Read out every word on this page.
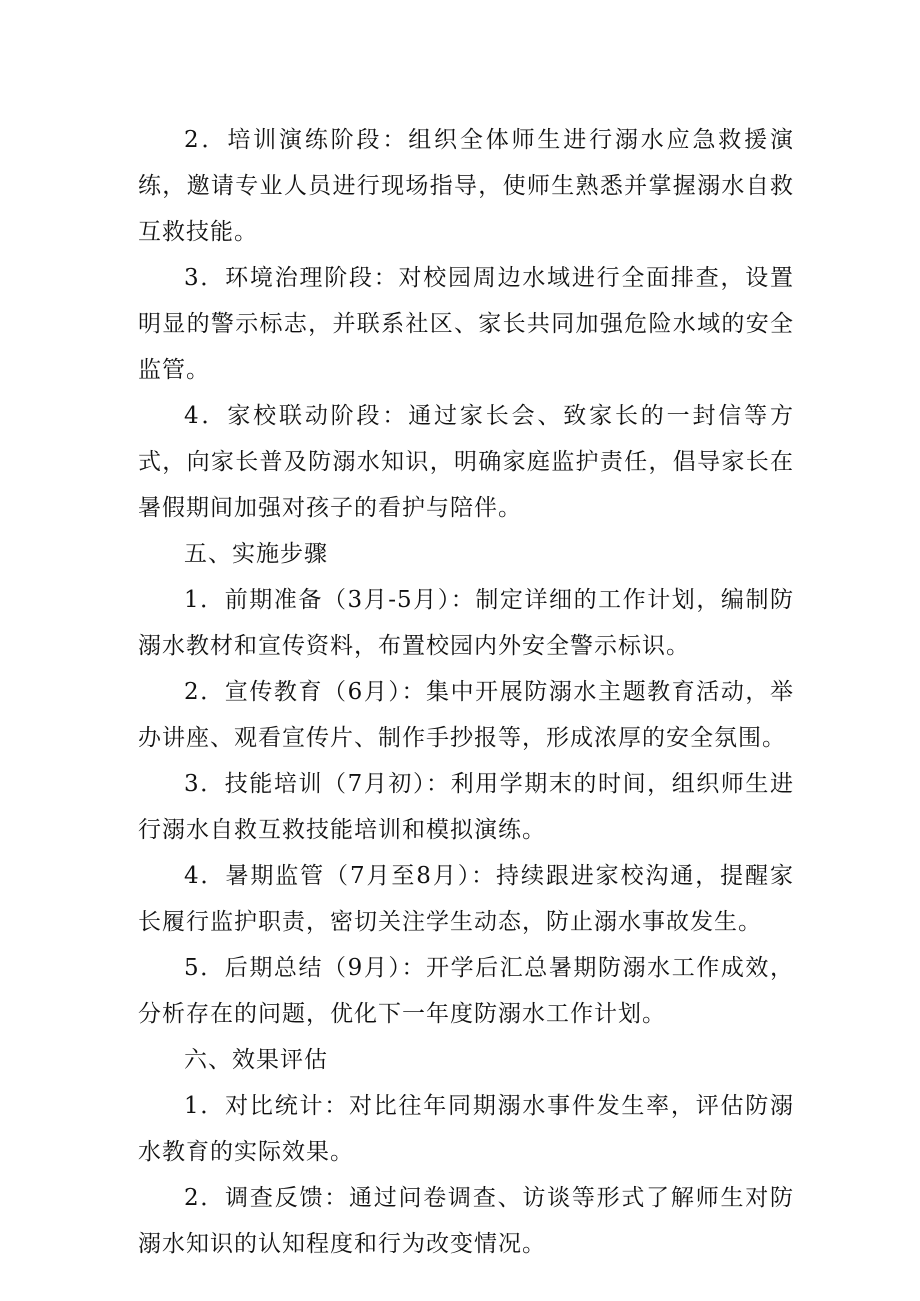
2．培训演练阶段：组织全体师生进行溺水应急救援演练，邀请专业人员进行现场指导，使师生熟悉并掌握溺水自救互救技能。

3．环境治理阶段：对校园周边水域进行全面排查，设置明显的警示标志，并联系社区、家长共同加强危险水域的安全监管。

4．家校联动阶段：通过家长会、致家长的一封信等方式，向家长普及防溺水知识，明确家庭监护责任，倡导家长在暑假期间加强对孩子的看护与陪伴。

五、实施步骤

1．前期准备（3月-5月）：制定详细的工作计划，编制防溺水教材和宣传资料，布置校园内外安全警示标识。

2．宣传教育（6月）：集中开展防溺水主题教育活动，举办讲座、观看宣传片、制作手抄报等，形成浓厚的安全氛围。

3．技能培训（7月初）：利用学期末的时间，组织师生进行溺水自救互救技能培训和模拟演练。

4．暑期监管（7月至8月）：持续跟进家校沟通，提醒家长履行监护职责，密切关注学生动态，防止溺水事故发生。

5．后期总结（9月）：开学后汇总暑期防溺水工作成效，分析存在的问题，优化下一年度防溺水工作计划。

六、效果评估

1．对比统计：对比往年同期溺水事件发生率，评估防溺水教育的实际效果。

2．调查反馈：通过问卷调查、访谈等形式了解师生对防溺水知识的认知程度和行为改变情况。
